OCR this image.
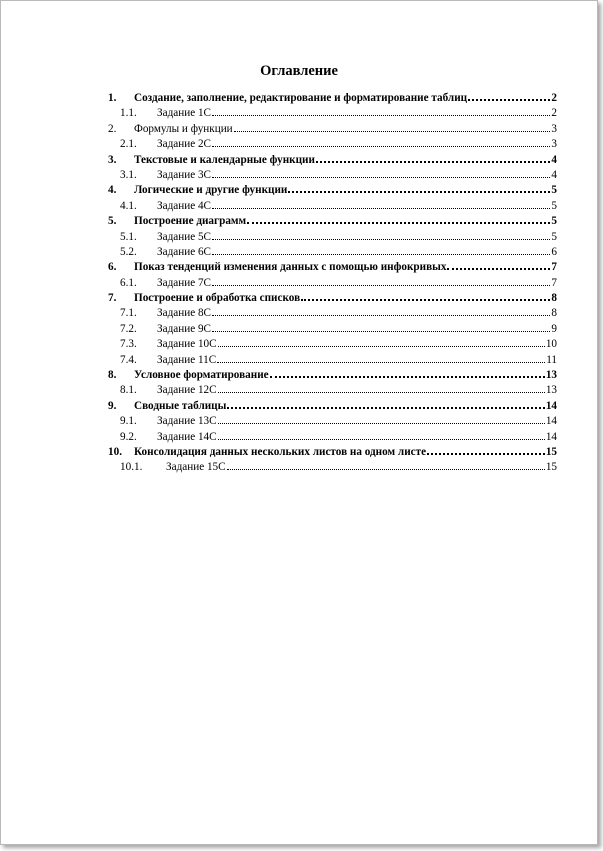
Оглавление
1.	Создание, заполнение, редактирование и форматирование таблиц	2
1.1.	Задание 1С	2
2.	Формулы и функции	3
2.1.	Задание 2С	3
3.	Текстовые и календарные функции	4
3.1.	Задание 3С	4
4.	Логические и другие функции	5
4.1.	Задание 4С	5
5.	Построение диаграмм	5
5.1.	Задание 5С	5
5.2.	Задание 6С	6
6.	Показ тенденций изменения данных с помощью инфокривых	7
6.1.	Задание 7С	7
7.	Построение и обработка списков	8
7.1.	Задание 8С	8
7.2.	Задание 9С	9
7.3.	Задание 10С	10
7.4.	Задание 11С	11
8.	Условное форматирование	13
8.1.	Задание 12С	13
9.	Сводные таблицы	14
9.1.	Задание 13С	14
9.2.	Задание 14С	14
10.	Консолидация данных нескольких листов на одном листе	15
10.1.	Задание 15С	15
